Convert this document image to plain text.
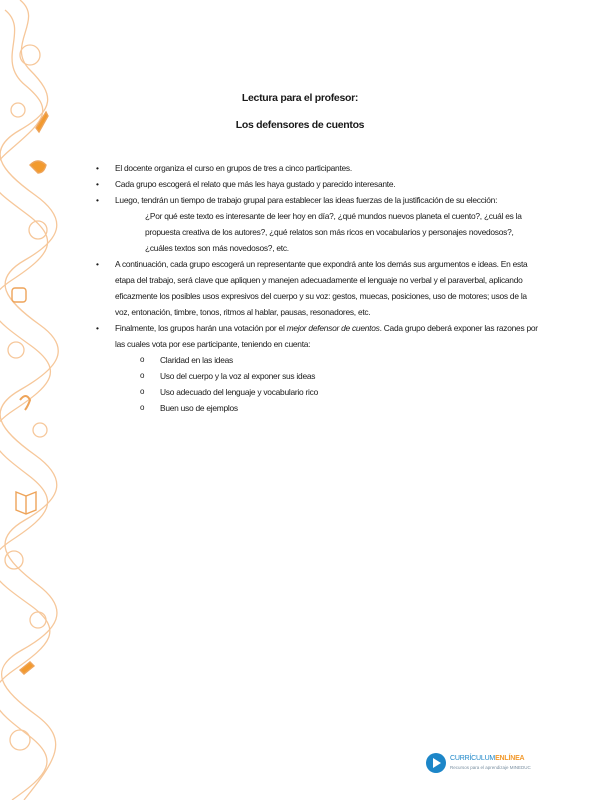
Lectura para el profesor:
Los defensores de cuentos
• El docente organiza el curso en grupos de tres a cinco participantes.
• Cada grupo escogerá el relato que más les haya gustado y parecido interesante.
• Luego, tendrán un tiempo de trabajo grupal para establecer las ideas fuerzas de la justificación de su elección:
¿Por qué este texto es interesante de leer hoy en día?, ¿qué mundos nuevos planeta el cuento?, ¿cuál es la propuesta creativa de los autores?, ¿qué relatos son más ricos en vocabularios y personajes novedosos?, ¿cuáles textos son más novedosos?, etc.
• A continuación, cada grupo escogerá un representante que expondrá ante los demás sus argumentos e ideas. En esta etapa del trabajo, será clave que apliquen y manejen adecuadamente el lenguaje no verbal y el paraverbal, aplicando eficazmente los posibles usos expresivos del cuerpo y su voz: gestos, muecas, posiciones, uso de motores; usos de la voz, entonación, timbre, tonos, ritmos al hablar, pausas, resonadores, etc.
• Finalmente, los grupos harán una votación por el mejor defensor de cuentos. Cada grupo deberá exponer las razones por las cuales vota por ese participante, teniendo en cuenta:
o Claridad en las ideas
o Uso del cuerpo y la voz al exponer sus ideas
o Uso adecuado del lenguaje y vocabulario rico
o Buen uso de ejemplos
CURRÍCULUMENLÍNEA
Recursos para el aprendizaje MINEDUC
